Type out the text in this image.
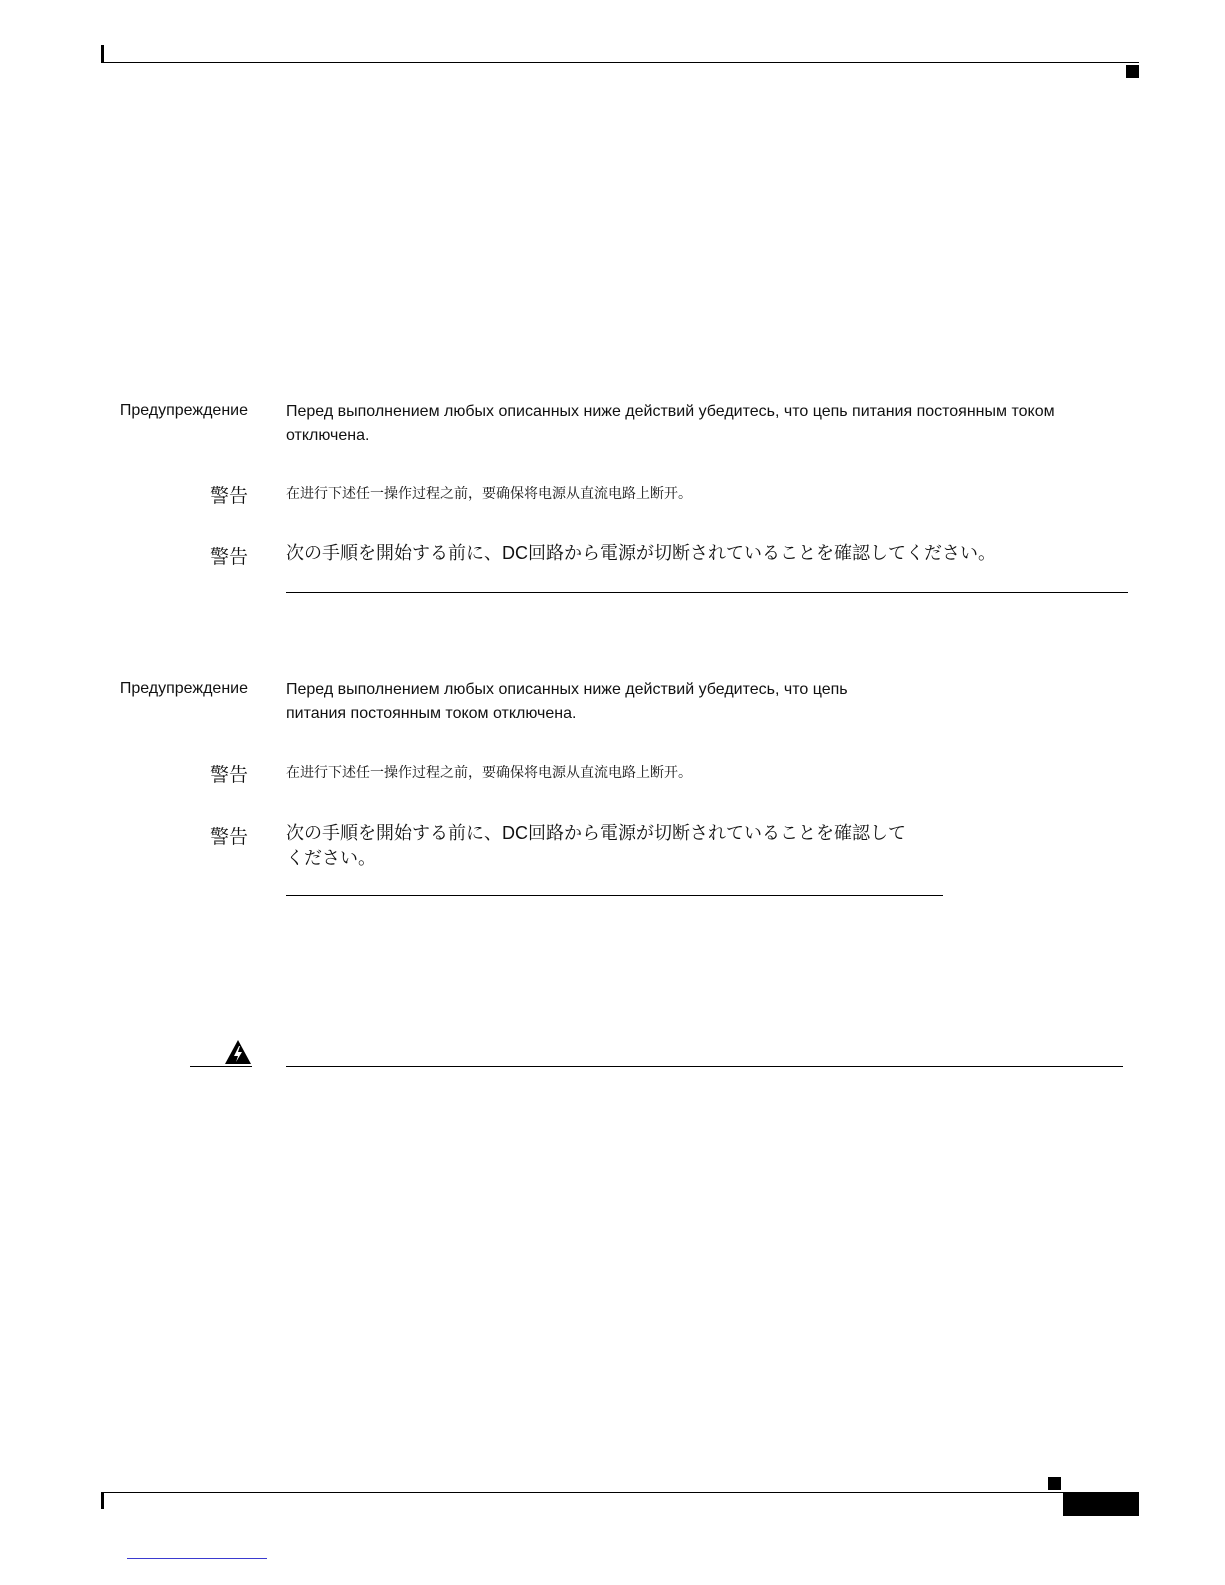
Предупреждение Перед выполнением любых описанных ниже действий убедитесь, что цепь питания постоянным током отключена.
警告	在进行下述任一操作过程之前，要确保将电源从直流电路上断开。
警告 次の手順を開始する前に、DC回路から電源が切断されていることを確認してください。
Предупреждение Перед выполнением любых описанных ниже действий убедитесь, что цепь
питания постоянным током отключена.
警告	在进行下述任一操作过程之前，要确保将电源从直流电路上断开。
警告 次の手順を開始する前に、DC回路から電源が切断されていることを確認して
ください。
